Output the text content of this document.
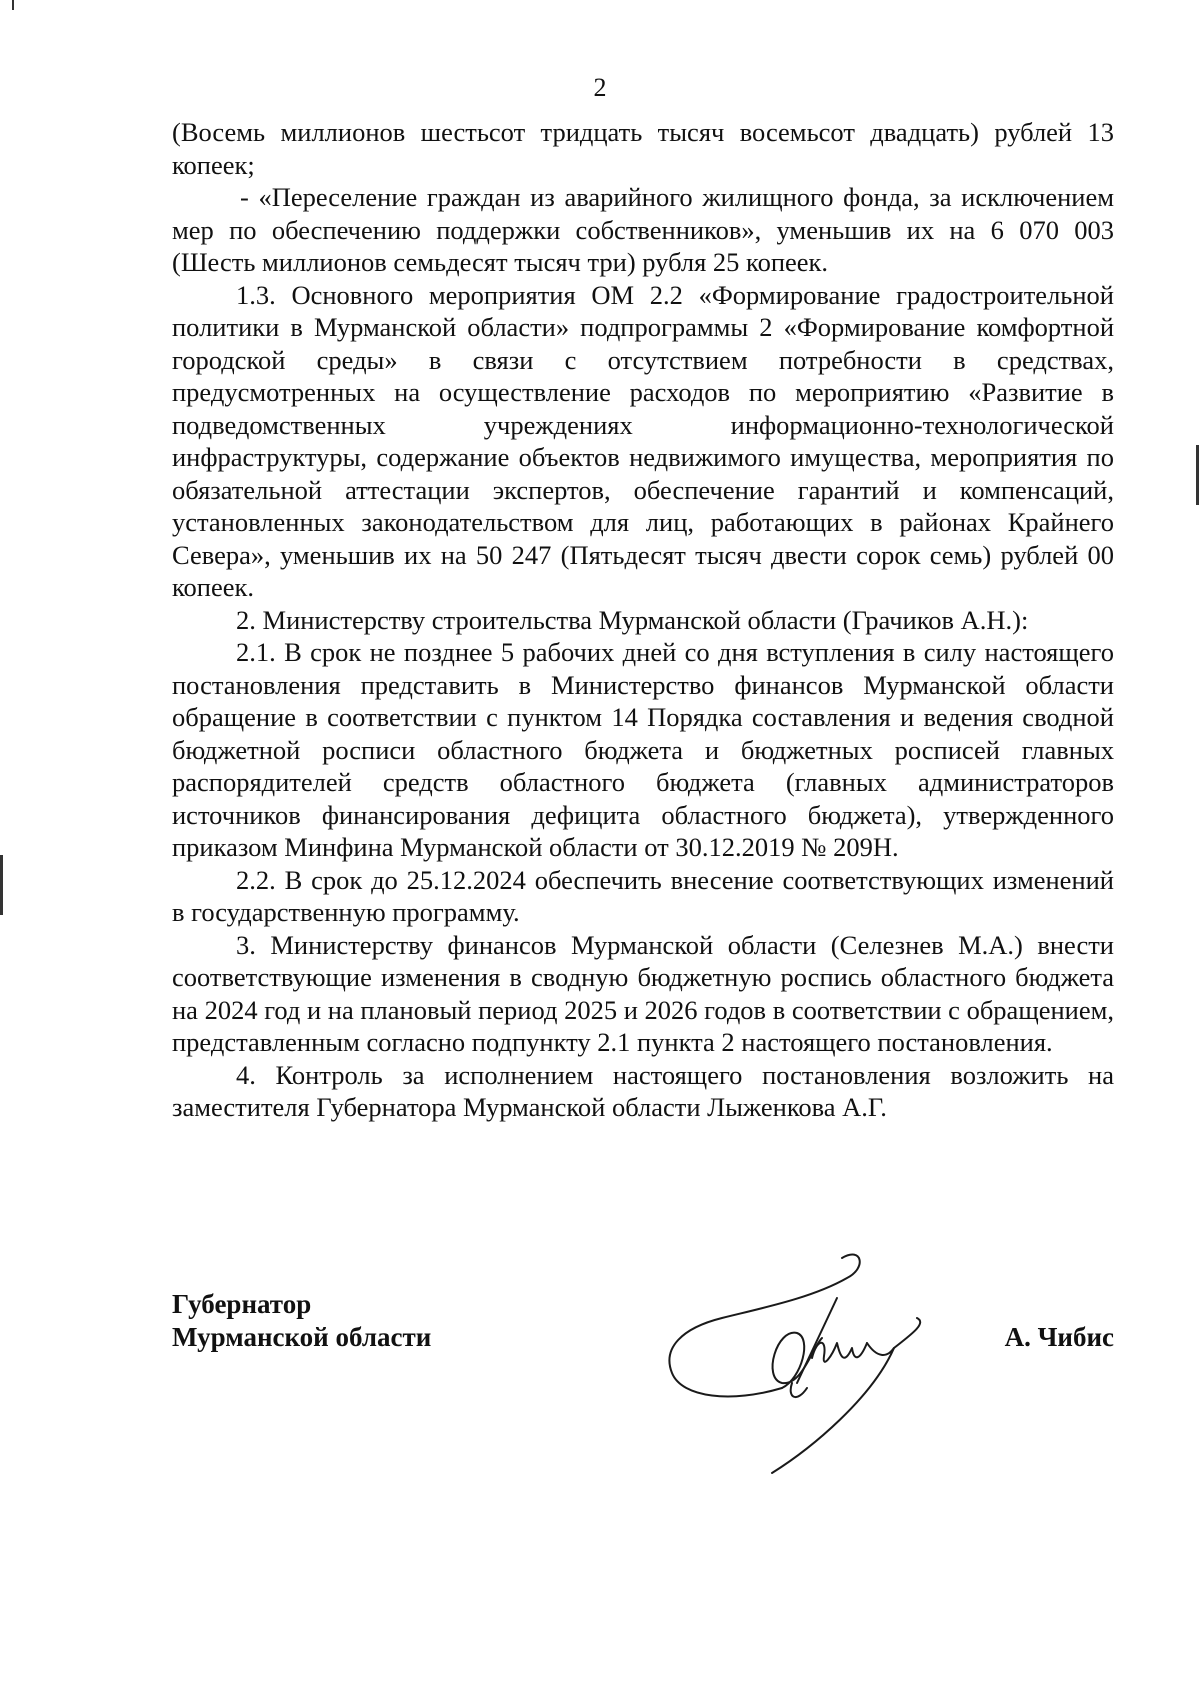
2

(Восемь миллионов шестьсот тридцать тысяч восемьсот двадцать) рублей 13 копеек;

- «Переселение граждан из аварийного жилищного фонда, за исключением мер по обеспечению поддержки собственников», уменьшив их на 6 070 003 (Шесть миллионов семьдесят тысяч три) рубля 25 копеек.

1.3. Основного мероприятия ОМ 2.2 «Формирование градостроительной политики в Мурманской области» подпрограммы 2 «Формирование комфортной городской среды» в связи с отсутствием потребности в средствах, предусмотренных на осуществление расходов по мероприятию «Развитие в подведомственных учреждениях информационно-технологической инфраструктуры, содержание объектов недвижимого имущества, мероприятия по обязательной аттестации экспертов, обеспечение гарантий и компенсаций, установленных законодательством для лиц, работающих в районах Крайнего Севера», уменьшив их на 50 247 (Пятьдесят тысяч двести сорок семь) рублей 00 копеек.

2. Министерству строительства Мурманской области (Грачиков А.Н.):

2.1. В срок не позднее 5 рабочих дней со дня вступления в силу настоящего постановления представить в Министерство финансов Мурманской области обращение в соответствии с пунктом 14 Порядка составления и ведения сводной бюджетной росписи областного бюджета и бюджетных росписей главных распорядителей средств областного бюджета (главных администраторов источников финансирования дефицита областного бюджета), утвержденного приказом Минфина Мурманской области от 30.12.2019 № 209Н.

2.2. В срок до 25.12.2024 обеспечить внесение соответствующих изменений в государственную программу.

3. Министерству финансов Мурманской области (Селезнев М.А.) внести соответствующие изменения в сводную бюджетную роспись областного бюджета на 2024 год и на плановый период 2025 и 2026 годов в соответствии с обращением, представленным согласно подпункту 2.1 пункта 2 настоящего постановления.

4. Контроль за исполнением настоящего постановления возложить на заместителя Губернатора Мурманской области Лыженкова А.Г.

Губернатор
Мурманской области	А. Чибис
